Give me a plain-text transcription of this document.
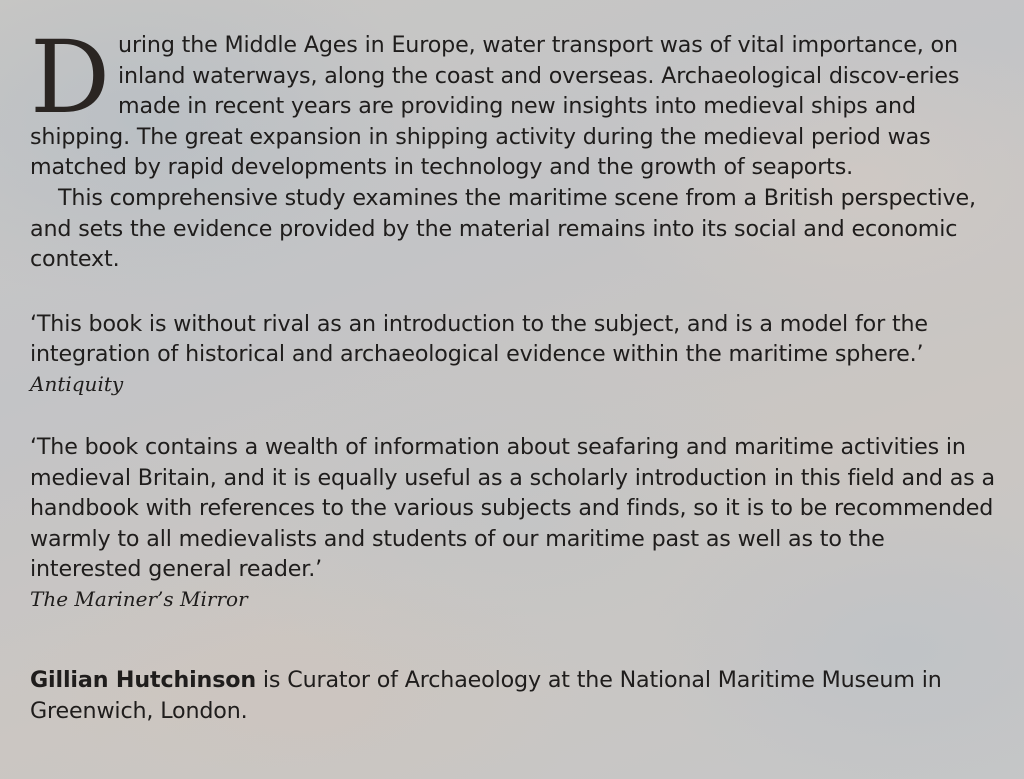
During the Middle Ages in Europe, water transport was of vital importance, on inland waterways, along the coast and overseas. Archaeological discov-eries made in recent years are providing new insights into medieval ships and shipping. The great expansion in shipping activity during the medieval period was matched by rapid developments in technology and the growth of seaports.

This comprehensive study examines the maritime scene from a British perspective, and sets the evidence provided by the material remains into its social and economic context.

‘This book is without rival as an introduction to the subject, and is a model for the integration of historical and archaeological evidence within the maritime sphere.’

Antiquity

‘The book contains a wealth of information about seafaring and maritime activities in medieval Britain, and it is equally useful as a scholarly introduction in this field and as a handbook with references to the various subjects and finds, so it is to be recommended warmly to all medievalists and students of our maritime past as well as to the interested general reader.’

The Mariner’s Mirror

Gillian Hutchinson is Curator of Archaeology at the National Maritime Museum in Greenwich, London.
